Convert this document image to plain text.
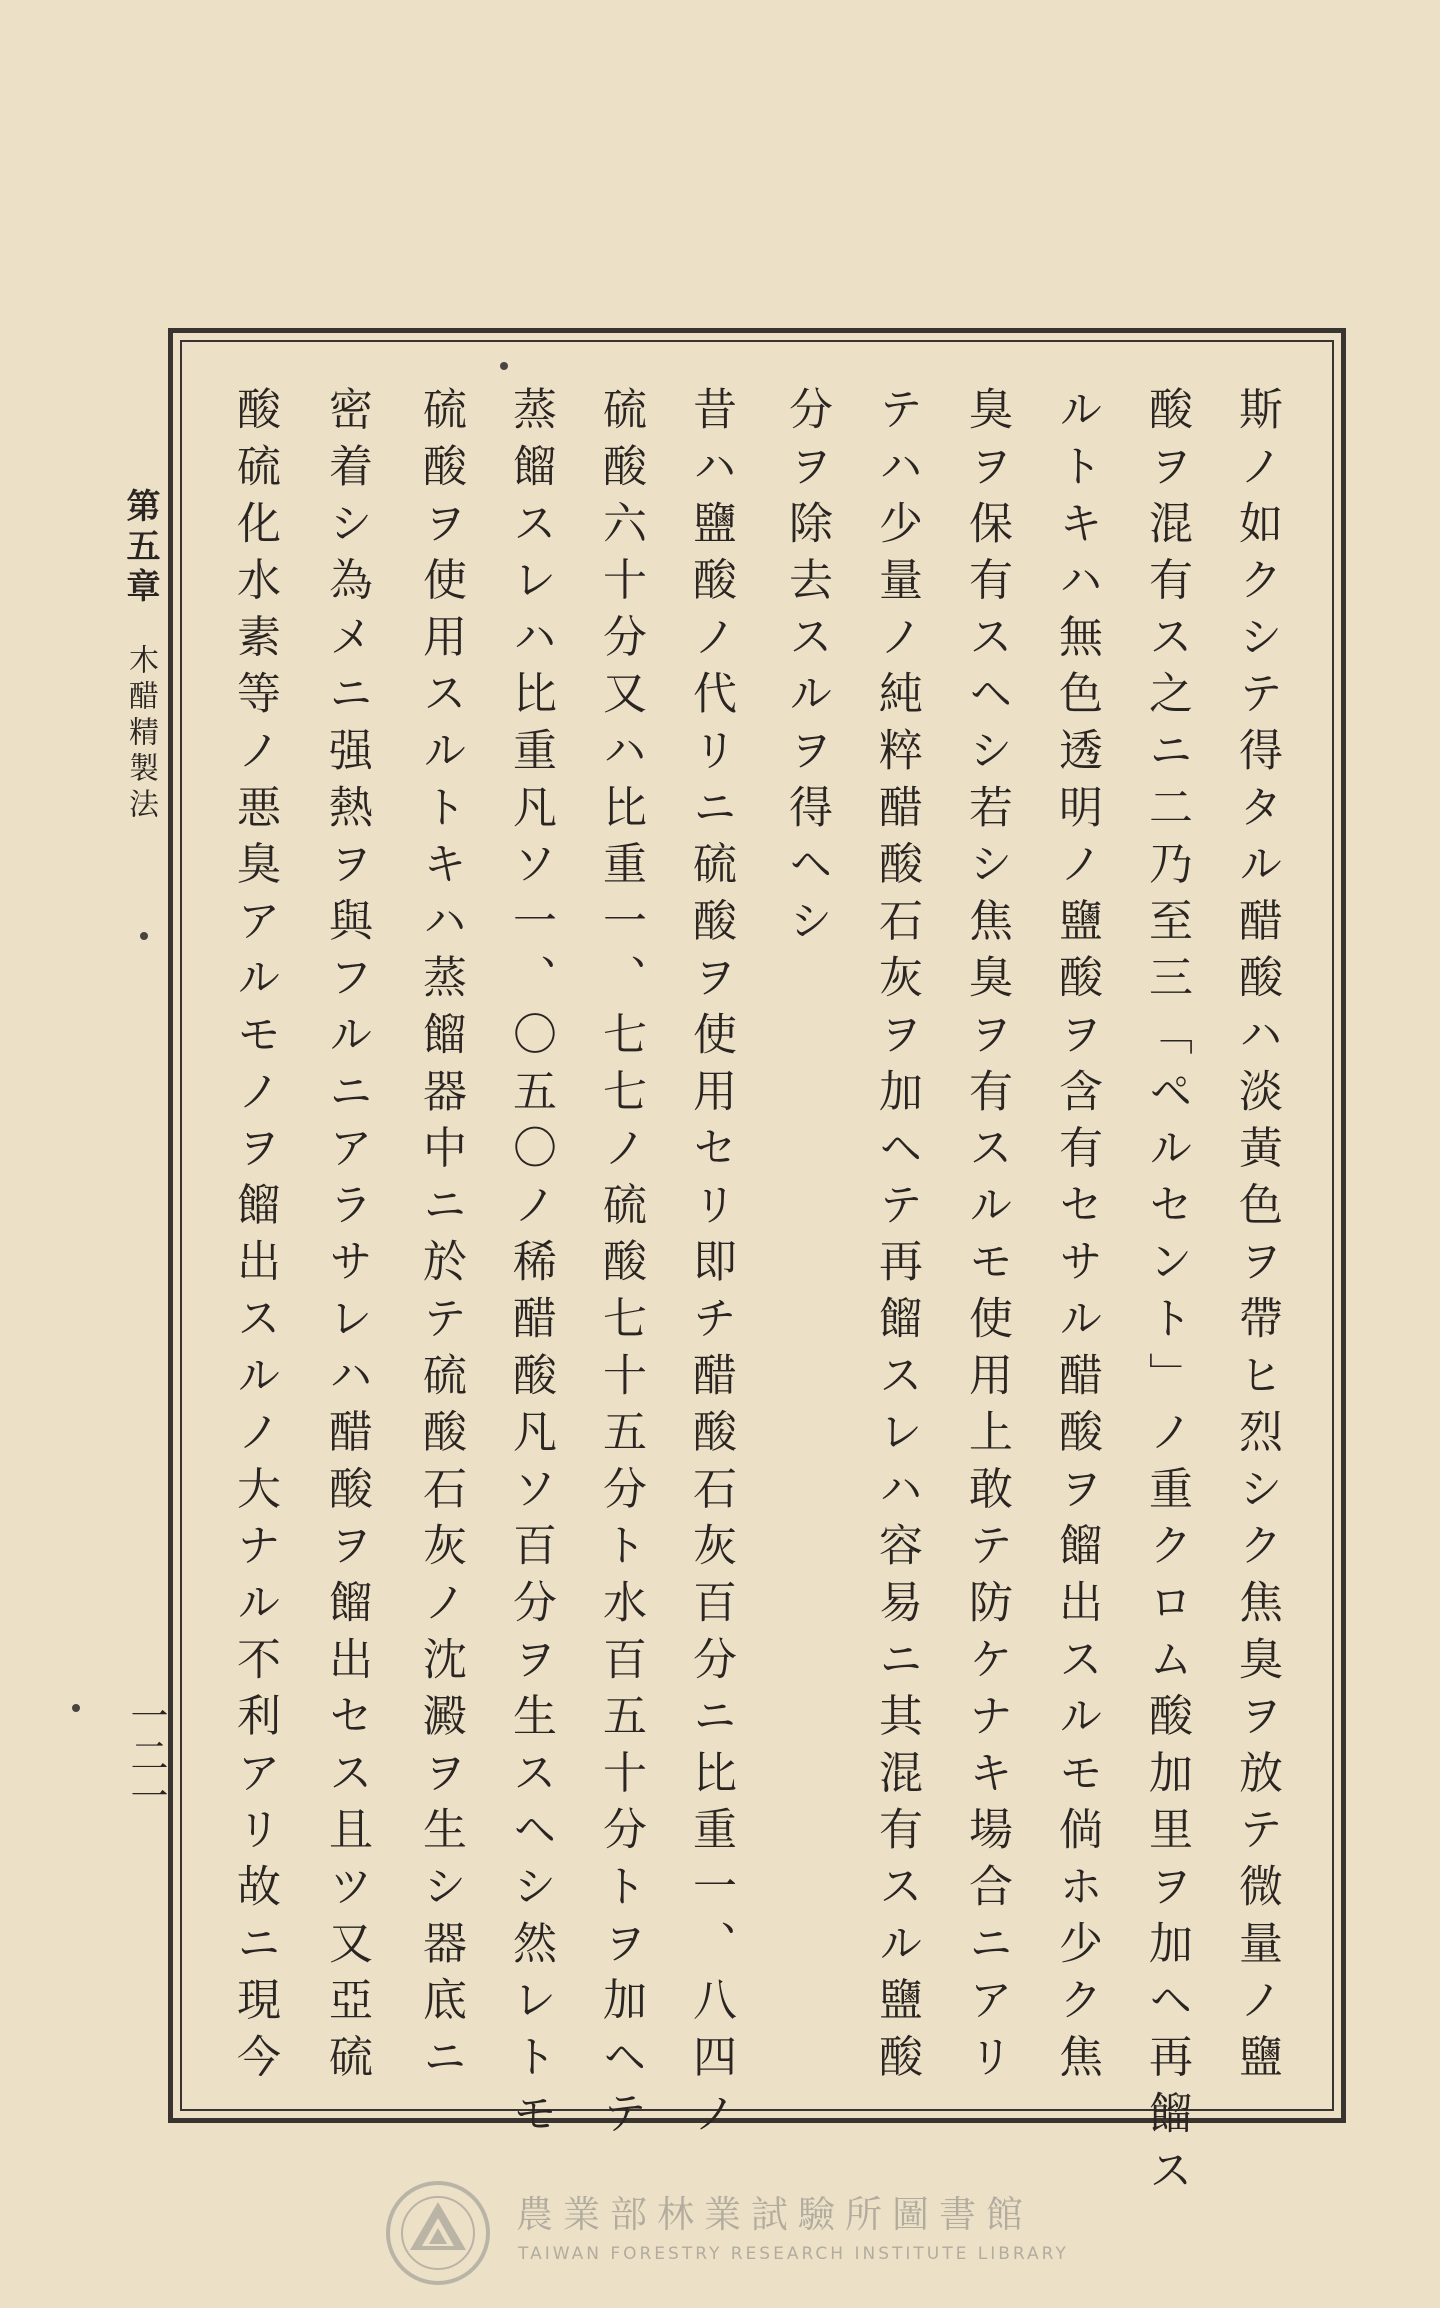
第五章木醋精製法
一二一	斯ノ如クシテ得タル醋酸ハ淡黃色ヲ帶ヒ烈シク焦臭ヲ放テ微量ノ鹽
酸ヲ混有ス之ニ二乃至三「ペルセント」ノ重クロム酸加里ヲ加ヘ再餾ス
ルトキハ無色透明ノ鹽酸ヲ含有セサル醋酸ヲ餾出スルモ倘ホ少ク焦
臭ヲ保有スヘシ若シ焦臭ヲ有スルモ使用上敢テ防ケナキ場合ニアリ
テハ少量ノ純粹醋酸石灰ヲ加ヘテ再餾スレハ容易ニ其混有スル鹽酸
分ヲ除去スルヲ得ヘシ
昔ハ鹽酸ノ代リニ硫酸ヲ使用セリ即チ醋酸石灰百分ニ比重一、八四ノ
硫酸六十分又ハ比重一、七七ノ硫酸七十五分ト水百五十分トヲ加ヘテ
蒸餾スレハ比重凡ソ一、〇五〇ノ稀醋酸凡ソ百分ヲ生スヘシ然レトモ
硫酸ヲ使用スルトキハ蒸餾器中ニ於テ硫酸石灰ノ沈澱ヲ生シ器底ニ
密着シ為メニ强熱ヲ與フルニアラサレハ醋酸ヲ餾出セス且ツ又亞硫
酸硫化水素等ノ悪臭アルモノヲ餾出スルノ大ナル不利アリ故ニ現今
農業部林業試驗所圖書館
TAIWAN FORESTRY RESEARCH INSTITUTE LIBRARY
